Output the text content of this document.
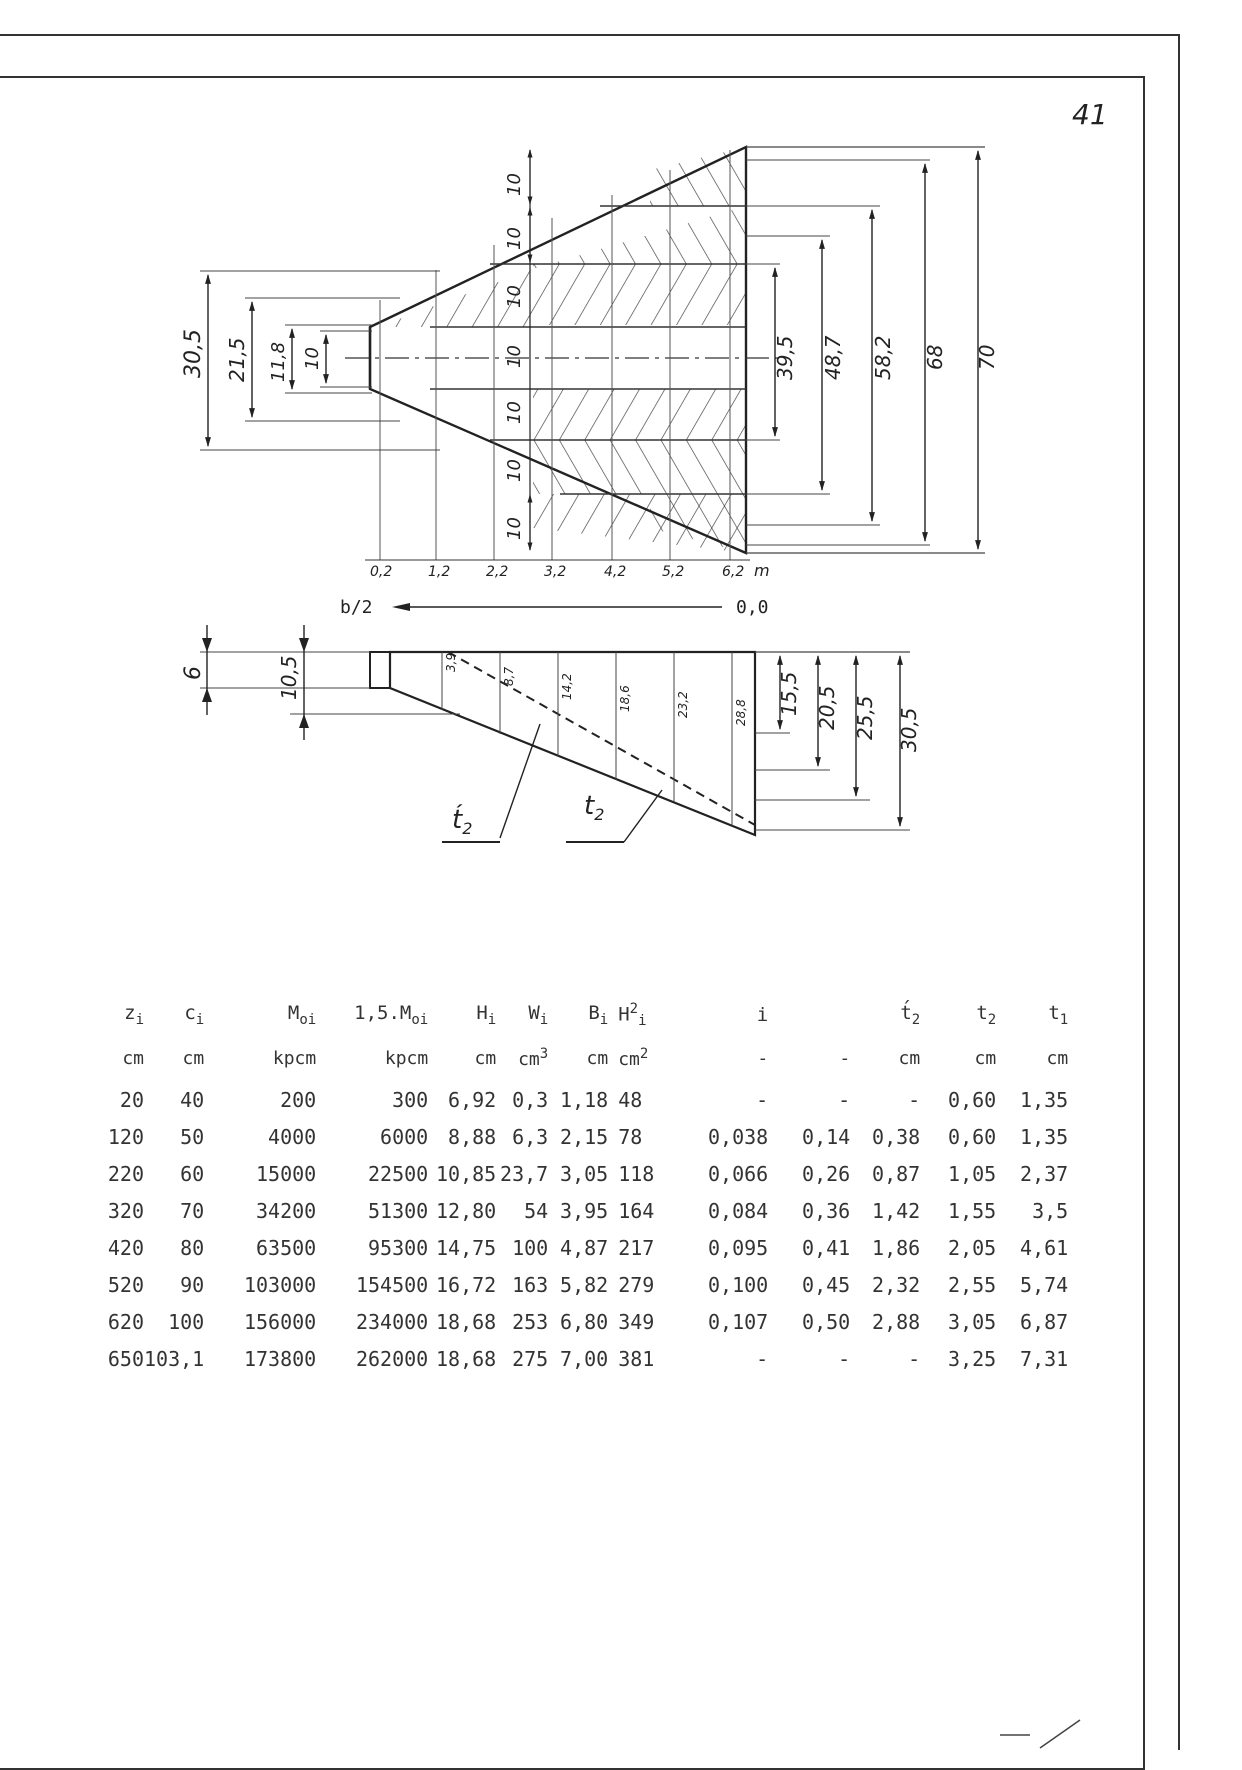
41
30,5 21,5 11,8 10
10
10
10
10
10
10
10
39,5 48,7 58,2 68 70
0,2	1,2	2,2	3,2	4,2	5,2	6,2 m
b/2	0,0
6	10,5	3,9
8,7	14,2	18,6	23,2	28,8 15,5 20,5 25,5 30,5
$t́_2$
$t_2$
$z_i$	$c_i$	$M_{oi}$	$1,5.M_{oi}$	$H_i$	$W_i$	$B_i$	$H^2_i$	i		$t́_2$	$t_2$	$t_1$
cm	cm	kpcm	kpcm	cm	$cm^3$	cm	$cm^2$	-	-	cm	cm	cm
20	40	200	300	6,92	0,3	1,18	48	-	-	-	0,60	1,35
120	50	4000	6000	8,88	6,3	2,15	78	0,038	0,14	0,38	0,60	1,35
220	60	15000	22500	10,85	23,7	3,05	118	0,066	0,26	0,87	1,05	2,37
320	70	34200	51300	12,80	54	3,95	164	0,084	0,36	1,42	1,55	3,5
420	80	63500	95300	14,75	100	4,87	217	0,095	0,41	1,86	2,05	4,61
520	90	103000	154500	16,72	163	5,82	279	0,100	0,45	2,32	2,55	5,74
620	100	156000	234000	18,68	253	6,80	349	0,107	0,50	2,88	3,05	6,87
650	103,1	173800	262000	18,68	275	7,00	381	-	-	-	3,25	7,31
